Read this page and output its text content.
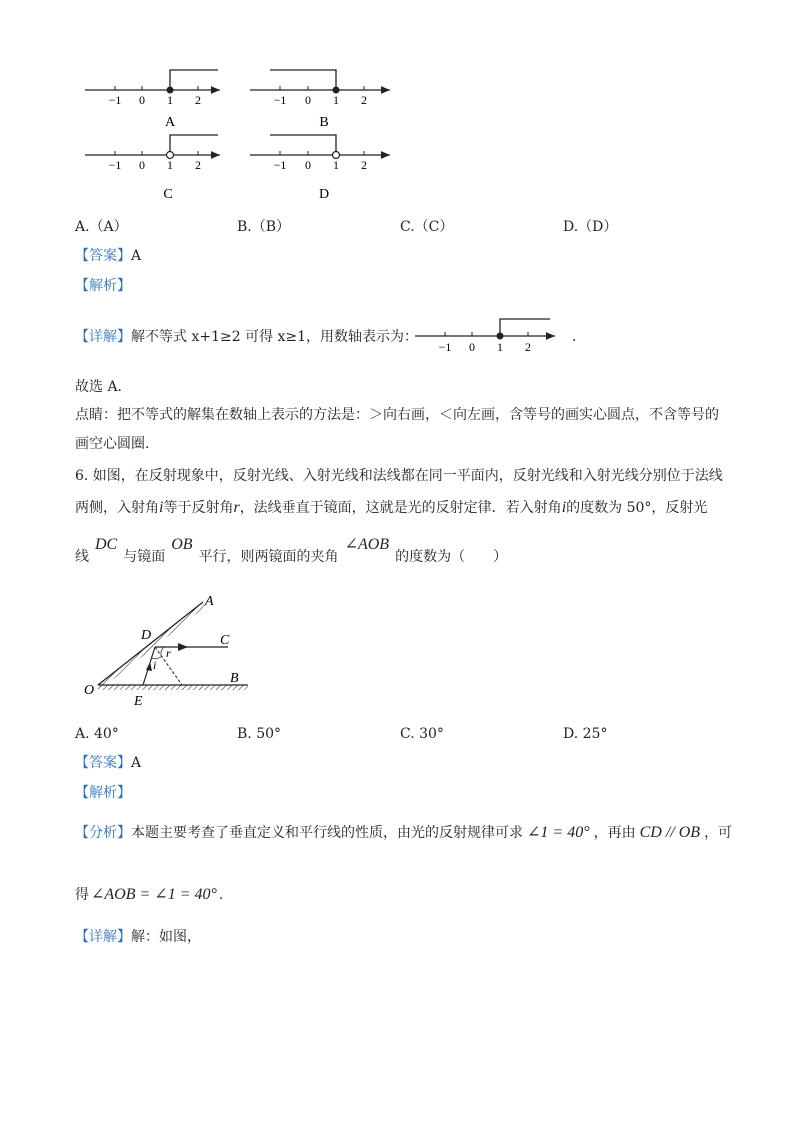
−1 0 1 2
A
−1 0 1 2
B
−1 0 1 2
C
−1 0 1 2
D
A.（A）	B.（B）	C.（C）	D.（D）
【答案】A
【解析】
【详解】解不等式 x+1≥2 可得 x≥1，用数轴表示为：
−1 0 1 2
.
故选 A.
点睛：把不等式的解集在数轴上表示的方法是：＞向右画，＜向左画，含等号的画实心圆点，不含等号的
画空心圆圈.
6. 如图，在反射现象中，反射光线、入射光线和法线都在同一平面内，反射光线和入射光线分别位于法线
两侧，入射角i等于反射角r，法线垂直于镜面，这就是光的反射定律．若入射角i的度数为 50°，反射光
线DC与镜面OB平行，则两镜面的夹角∠AOB的度数为（　　）
A
C
D
O
B
E
r
i
A. 40°	B. 50°	C. 30°	D. 25°
【答案】A
【解析】
【分析】本题主要考查了垂直定义和平行线的性质，由光的反射规律可求 ∠1 = 40° ，再由 CD // OB ，可
得 ∠AOB = ∠1 = 40° .
【详解】解：如图，
